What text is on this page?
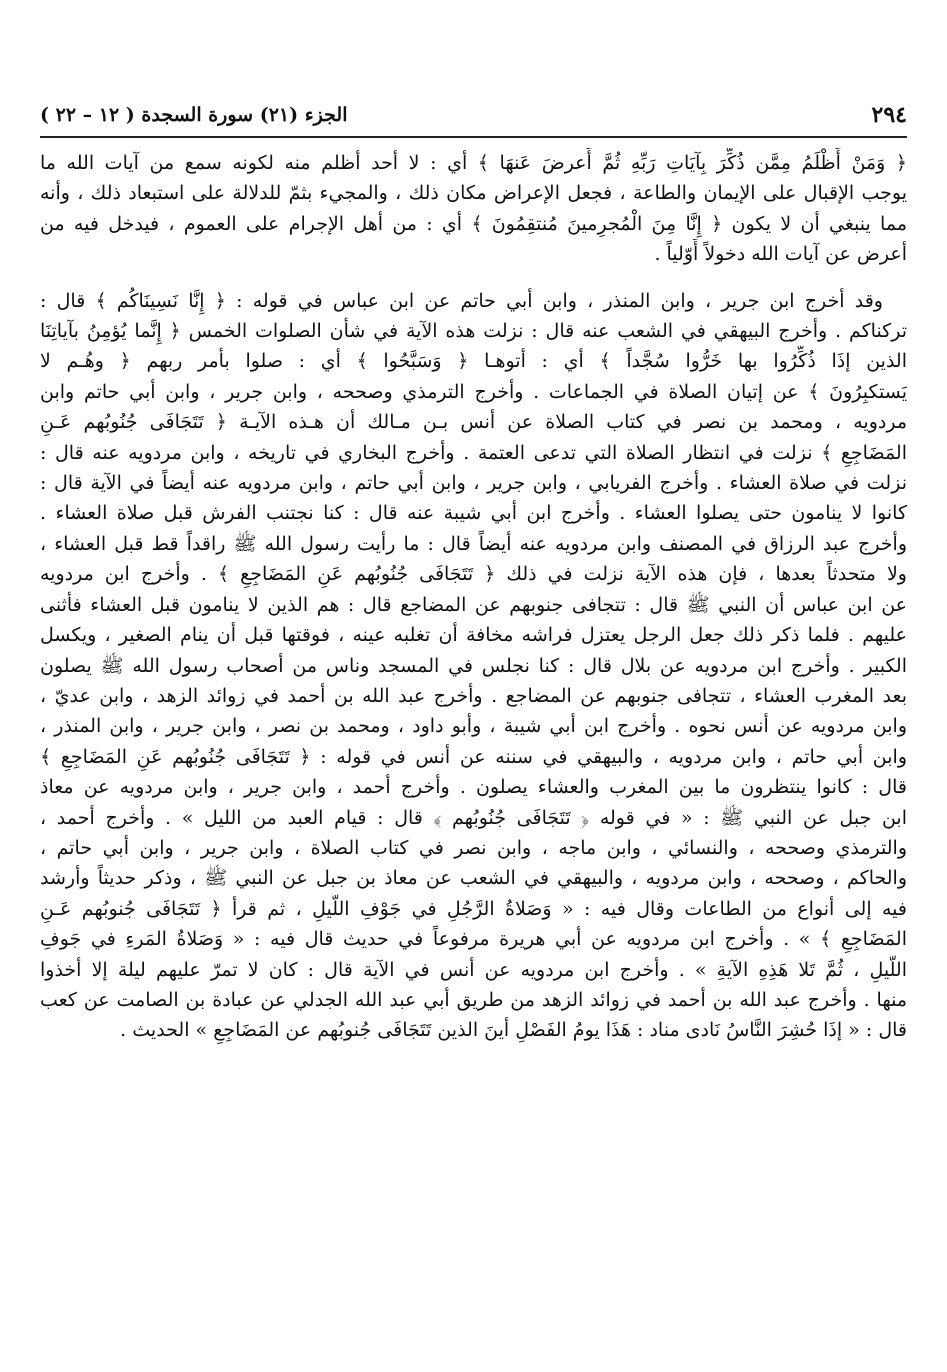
٢٩٤
الجزء (٢١) سورة السجدة ( ١٢ – ٢٢ )
﴿ وَمَنْ أَظْلَمُ مِمَّن ذُكِّرَ بِآيَاتِ رَبِّهِ ثُمَّ أَعرضَ عَنهَا ﴾ أي : لا أحد أظلم منه لكونه سمع من آيات الله ما
يوجب الإقبال على الإيمان والطاعة ، فجعل الإعراض مكان ذلك ، والمجيء بثمّ للدلالة على استبعاد ذلك ، وأنه
مما ينبغي أن لا يكون ﴿ إِنَّا مِنَ الْمُجرِمينَ مُنتقِمُونَ ﴾ أي : من أهل الإجرام على العموم ، فيدخل فيه من
أعرض عن آيات الله دخولاً أَوّلياً .
وقد أخرج ابن جرير ، وابن المنذر ، وابن أبي حاتم عن ابن عباس في قوله : ﴿ إِنَّا نَسِينَاكُم ﴾ قال :
تركناكم . وأخرج البيهقي في الشعب عنه قال : نزلت هذه الآية في شأن الصلوات الخمس ﴿ إِنَّما يُؤمِنُ بآياتِنَا
الذين إذَا ذُكِّرُوا بها خَرُّوا سُجَّداً ﴾ أي : أتوهـا ﴿ وَسَبَّحُوا ﴾ أي : صلوا بأمر ربهم ﴿ وهُـم لا
يَستكبِرُونَ ﴾ عن إتيان الصلاة في الجماعات . وأخرج الترمذي وصححه ، وابن جرير ، وابن أبي حاتم وابن
مردويه ، ومحمد بن نصر في كتاب الصلاة عن أنس بـن مـالك أن هـذه الآيـة ﴿ تَتَجَافَى جُنُوبُهم عَـنِ
المَضَاجِعِ ﴾ نزلت في انتظار الصلاة التي تدعى العتمة . وأخرج البخاري في تاريخه ، وابن مردويه عنه قال :
نزلت في صلاة العشاء . وأخرج الفريابي ، وابن جرير ، وابن أبي حاتم ، وابن مردويه عنه أيضاً في الآية قال :
كانوا لا ينامون حتى يصلوا العشاء . وأخرج ابن أبي شيبة عنه قال : كنا نجتنب الفرش قبل صلاة العشاء .
وأخرج عبد الرزاق في المصنف وابن مردويه عنه أيضاً قال : ما رأيت رسول الله ﷺ راقداً قط قبل العشاء ،
ولا متحدثاً بعدها ، فإن هذه الآية نزلت في ذلك ﴿ تَتَجَافَى جُنُوبُهم عَنِ المَضَاجِعِ ﴾ . وأخرج ابن مردويه
عن ابن عباس أن النبي ﷺ قال : تتجافى جنوبهم عن المضاجع قال : هم الذين لا ينامون قبل العشاء فأثنى
عليهم . فلما ذكر ذلك جعل الرجل يعتزل فراشه مخافة أن تغلبه عينه ، فوقتها قبل أن ينام الصغير ، ويكسل
الكبير . وأخرج ابن مردويه عن بلال قال : كنا نجلس في المسجد وناس من أصحاب رسول الله ﷺ يصلون
بعد المغرب العشاء ، تتجافى جنوبهم عن المضاجع . وأخرج عبد الله بن أحمد في زوائد الزهد ، وابن عديّ ،
وابن مردويه عن أنس نحوه . وأخرج ابن أبي شيبة ، وأبو داود ، ومحمد بن نصر ، وابن جرير ، وابن المنذر ،
وابن أبي حاتم ، وابن مردويه ، والبيهقي في سننه عن أنس في قوله : ﴿ تَتَجَافَى جُنُوبُهم عَنِ المَضَاجِعِ ﴾
قال : كانوا ينتظرون ما بين المغرب والعشاء يصلون . وأخرج أحمد ، وابن جرير ، وابن مردويه عن معاذ
ابن جبل عن النبي ﷺ : « في قوله ﴿ تَتَجَافَى جُنُوبُهم ﴾ قال : قيام العبد من الليل » . وأخرج أحمد ،
والترمذي وصححه ، والنسائي ، وابن ماجه ، وابن نصر في كتاب الصلاة ، وابن جرير ، وابن أبي حاتم ،
والحاكم ، وصححه ، وابن مردويه ، والبيهقي في الشعب عن معاذ بن جبل عن النبي ﷺ ، وذكر حديثاً وأرشد
فيه إلى أنواع من الطاعات وقال فيه : « وَصَلاةُ الرَّجُلِ في جَوْفِ اللَّيلِ ، ثم قرأ ﴿ تَتَجَافَى جُنوبُهم عَـنِ
المَضَاجِعِ ﴾ » . وأخرج ابن مردويه عن أبي هريرة مرفوعاً في حديث قال فيه : « وَصَلاةُ المَرءِ في جَوفِ
اللَّيلِ ، ثُمَّ تَلا هَذِهِ الآيةِ » . وأخرج ابن مردويه عن أنس في الآية قال : كان لا تمرّ عليهم ليلة إلا أخذوا
منها . وأخرج عبد الله بن أحمد في زوائد الزهد من طريق أبي عبد الله الجدلي عن عبادة بن الصامت عن كعب
قال : « إذَا حُشِرَ النَّاسُ نَادى مناد : هَذَا يومُ الفَصْلِ أينَ الذين تَتَجَافَى جُنوبُهم عن المَضَاجِعِ » الحديث .
